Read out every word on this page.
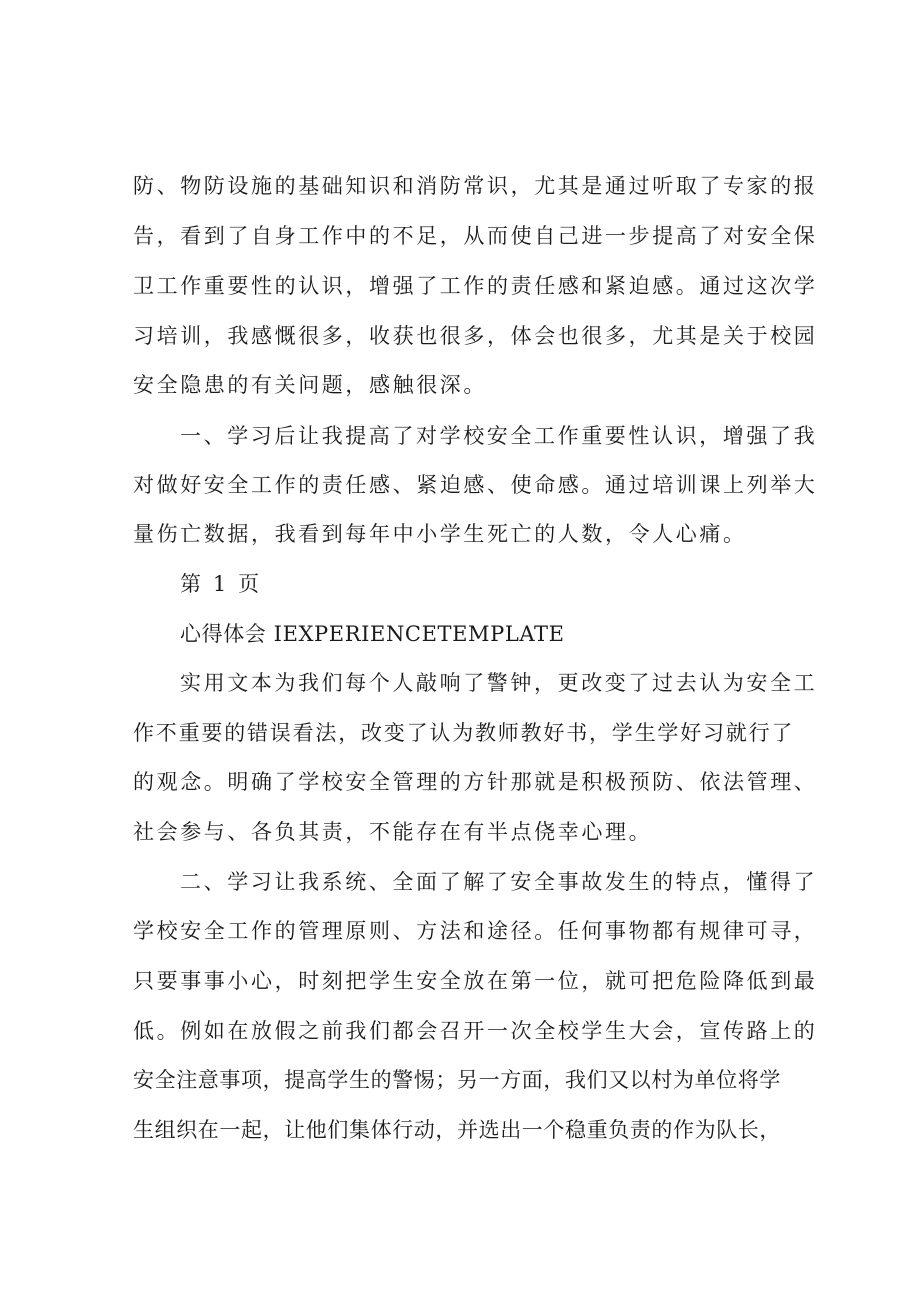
防、物防设施的基础知识和消防常识，尤其是通过听取了专家的报
告，看到了自身工作中的不足，从而使自己进一步提高了对安全保
卫工作重要性的认识，增强了工作的责任感和紧迫感。通过这次学
习培训，我感慨很多，收获也很多，体会也很多，尤其是关于校园
安全隐患的有关问题，感触很深。
一、学习后让我提高了对学校安全工作重要性认识，增强了我
对做好安全工作的责任感、紧迫感、使命感。通过培训课上列举大
量伤亡数据，我看到每年中小学生死亡的人数，令人心痛。
第 1 页
心得体会 IEXPERIENCETEMPLATE
实用文本为我们每个人敲响了警钟，更改变了过去认为安全工
作不重要的错误看法，改变了认为教师教好书，学生学好习就行了
的观念。明确了学校安全管理的方针那就是积极预防、依法管理、
社会参与、各负其责，不能存在有半点侥幸心理。
二、学习让我系统、全面了解了安全事故发生的特点，懂得了
学校安全工作的管理原则、方法和途径。任何事物都有规律可寻，
只要事事小心，时刻把学生安全放在第一位，就可把危险降低到最
低。例如在放假之前我们都会召开一次全校学生大会，宣传路上的
安全注意事项，提高学生的警惕；另一方面，我们又以村为单位将学
生组织在一起，让他们集体行动，并选出一个稳重负责的作为队长，
